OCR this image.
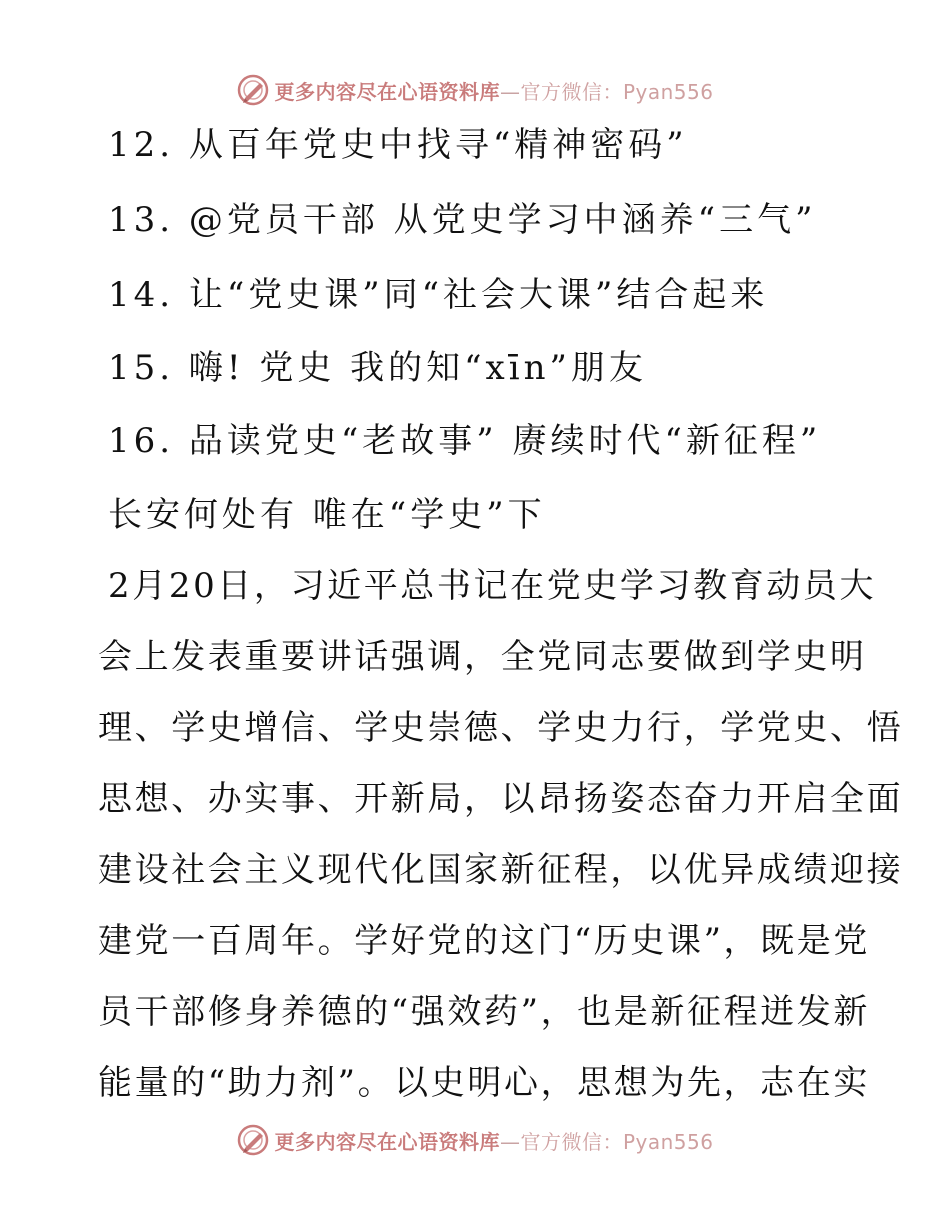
更多内容尽在心语资料库—官方微信：Pyan556
12. 从百年党史中找寻“精神密码”
13. @党员干部 从党史学习中涵养“三气”
14. 让“党史课”同“社会大课”结合起来
15. 嗨! 党史 我的知“xīn”朋友
16. 品读党史“老故事” 赓续时代“新征程”
长安何处有 唯在“学史”下
2月20日，习近平总书记在党史学习教育动员大
会上发表重要讲话强调，全党同志要做到学史明
理、学史增信、学史崇德、学史力行，学党史、悟
思想、办实事、开新局，以昂扬姿态奋力开启全面
建设社会主义现代化国家新征程，以优异成绩迎接
建党一百周年。学好党的这门“历史课”，既是党
员干部修身养德的“强效药”，也是新征程迸发新
能量的“助力剂”。以史明心，思想为先，志在实
更多内容尽在心语资料库—官方微信：Pyan556
